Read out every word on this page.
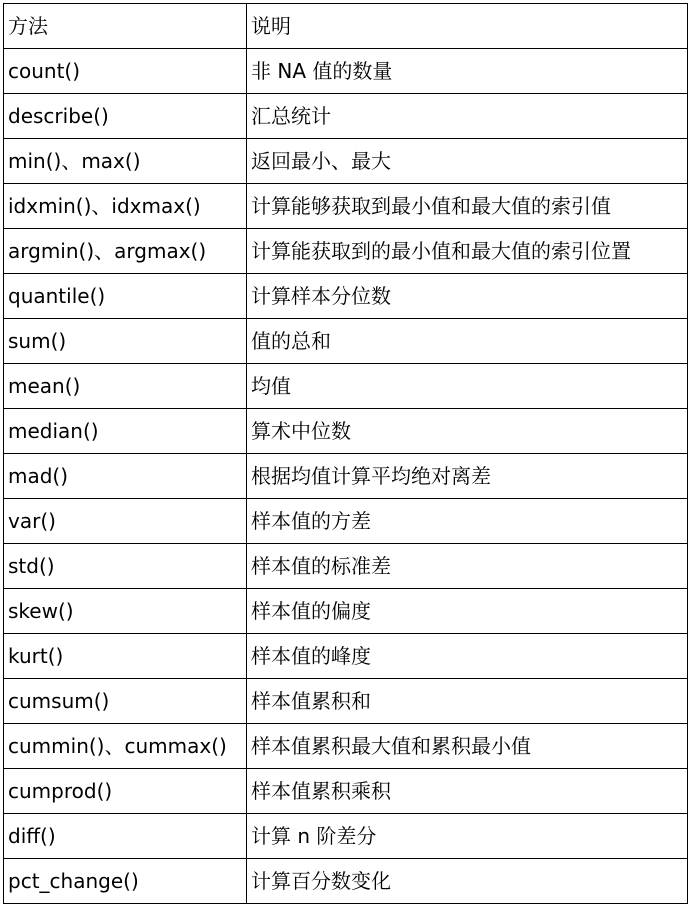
方法	说明
count()	非 NA 值的数量
describe()	汇总统计
min()、max()	返回最小、最大
idxmin()、idxmax()	计算能够获取到最小值和最大值的索引值
argmin()、argmax()	计算能获取到的最小值和最大值的索引位置
quantile()	计算样本分位数
sum()	值的总和
mean()	均值
median()	算术中位数
mad()	根据均值计算平均绝对离差
var()	样本值的方差
std()	样本值的标准差
skew()	样本值的偏度
kurt()	样本值的峰度
cumsum()	样本值累积和
cummin()、cummax()	样本值累积最大值和累积最小值
cumprod()	样本值累积乘积
diff()	计算 n 阶差分
pct_change()	计算百分数变化
